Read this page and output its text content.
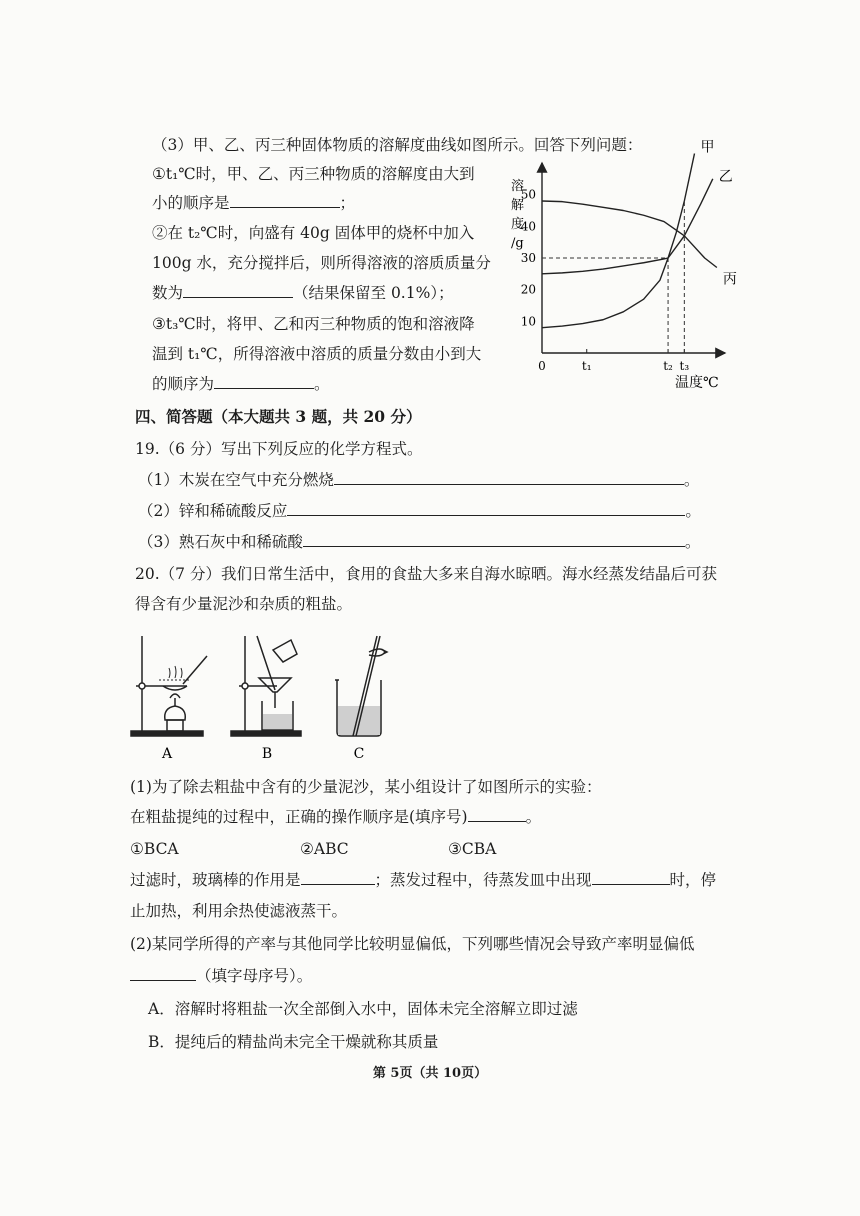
（3）甲、乙、丙三种固体物质的溶解度曲线如图所示。回答下列问题：
①t₁℃时，甲、乙、丙三种物质的溶解度由大到
小的顺序是	；
②在 t₂℃时，向盛有 40g 固体甲的烧杯中加入
100g 水，充分搅拌后，则所得溶液的溶质质量分
数为	（结果保留至 0.1%）；
③t₃℃时，将甲、乙和丙三种物质的饱和溶液降
温到 t₁℃，所得溶液中溶质的质量分数由小到大
的顺序为	。
溶
解
度
/g
10
20
30
40
50
0	t₁	t₂ t₃
温度℃
甲
乙
丙
四、简答题（本大题共 3 题，共 20 分）
19.（6 分）写出下列反应的化学方程式。
（1）木炭在空气中充分燃烧	。
（2）锌和稀硫酸反应	。
（3）熟石灰中和稀硫酸	。
20.（7 分）我们日常生活中，食用的食盐大多来自海水晾晒。海水经蒸发结晶后可获
得含有少量泥沙和杂质的粗盐。
A	B	C
(1)为了除去粗盐中含有的少量泥沙，某小组设计了如图所示的实验：
在粗盐提纯的过程中，正确的操作顺序是(填序号)	。
①BCA	②ABC	③CBA
过滤时，玻璃棒的作用是	；蒸发过程中，待蒸发皿中出现	时，停
止加热，利用余热使滤液蒸干。
(2)某同学所得的产率与其他同学比较明显偏低，下列哪些情况会导致产率明显偏低
（填字母序号）。
A．溶解时将粗盐一次全部倒入水中，固体未完全溶解立即过滤
B．提纯后的精盐尚未完全干燥就称其质量
第 5页（共 10页）
